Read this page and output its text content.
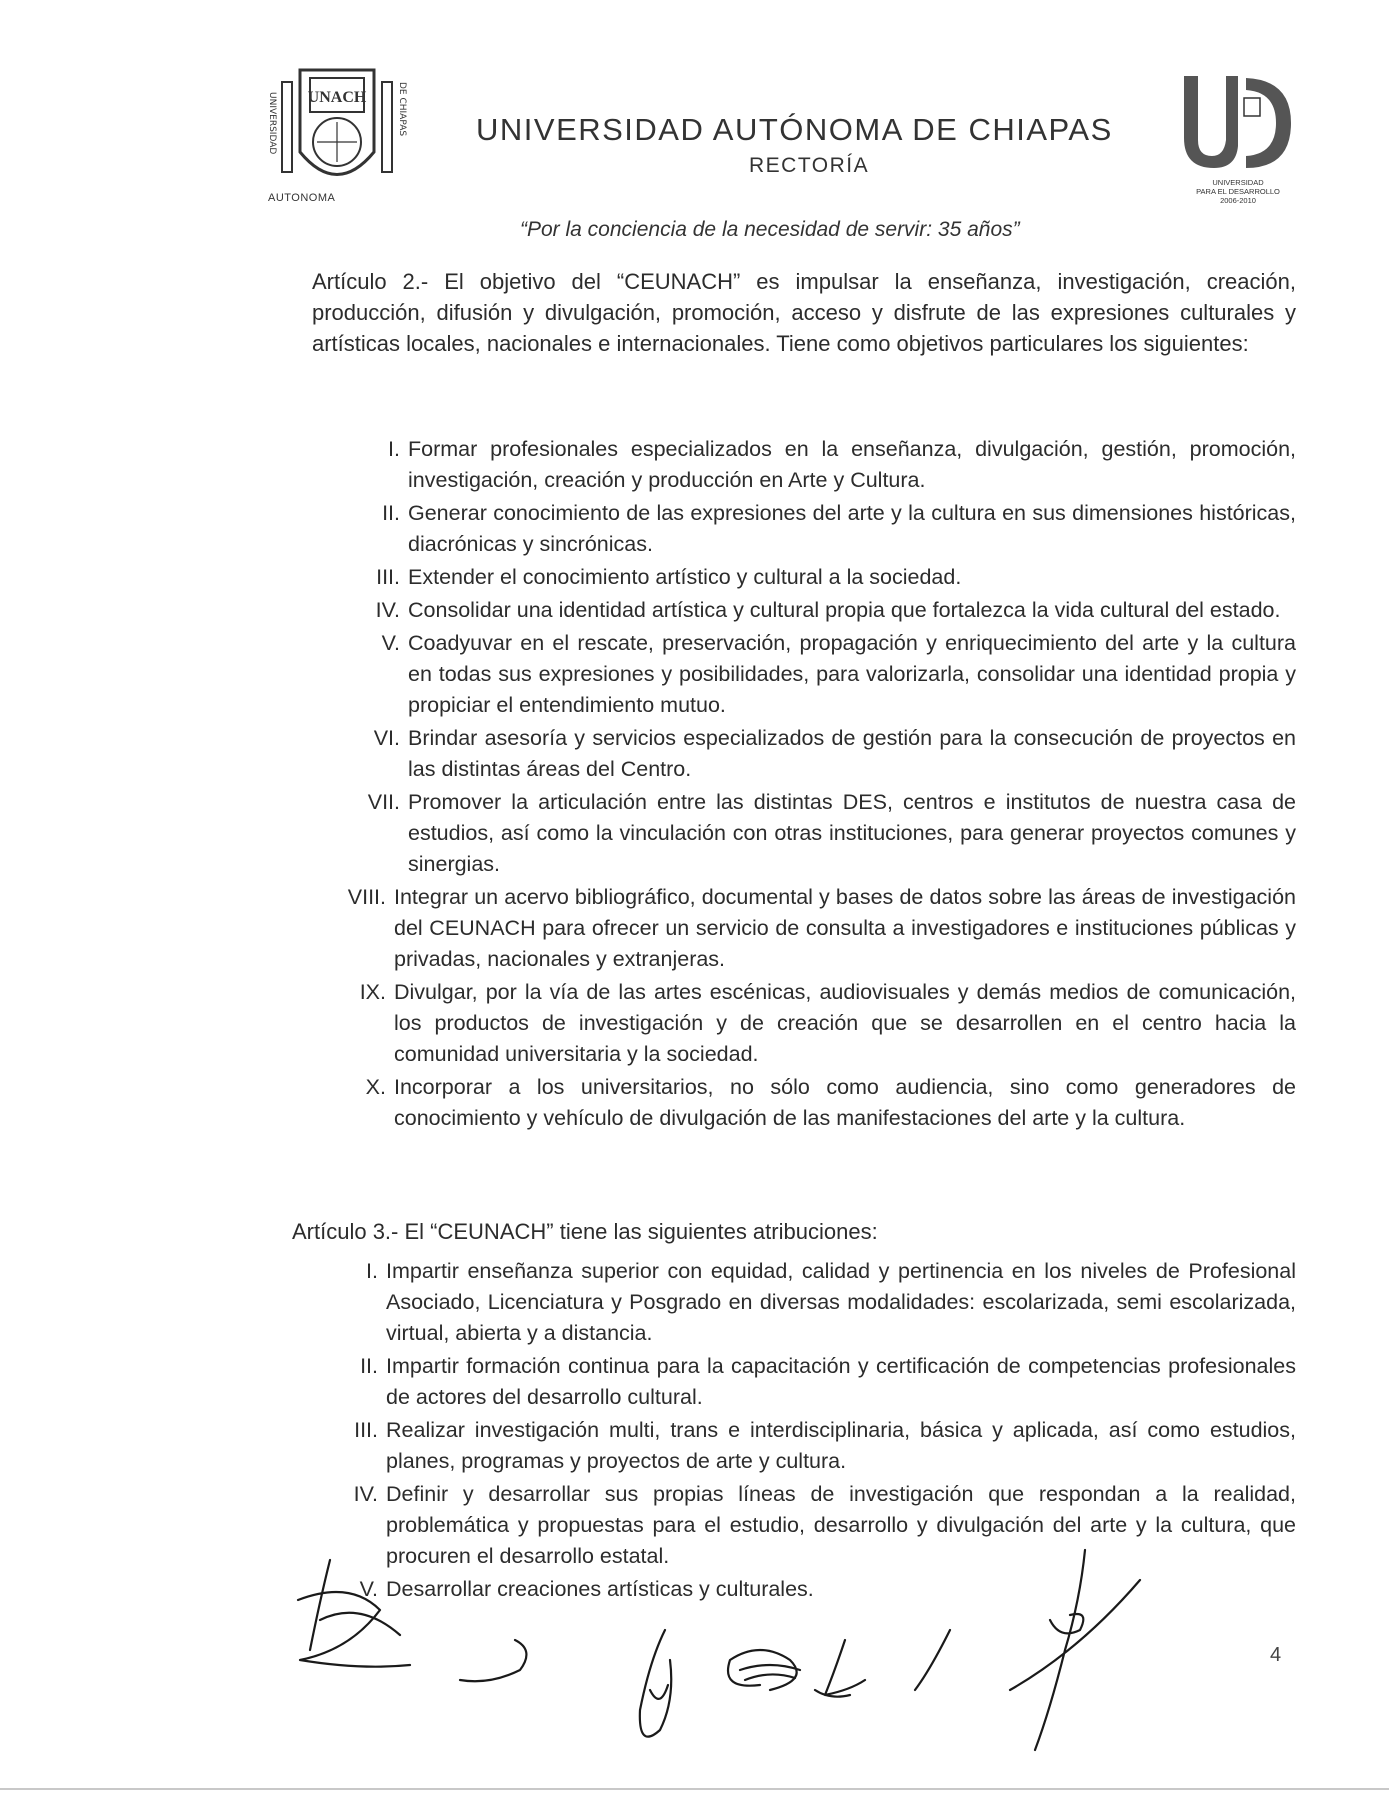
UNACH
UNIVERSIDAD	DE CHIAPAS
AUTONOMA
UNIVERSIDAD AUTÓNOMA DE CHIAPAS
RECTORÍA
“Por la conciencia de la necesidad de servir: 35 años”
UNIVERSIDAD
PARA EL DESARROLLO
2006-2010
Artículo 2.- El objetivo del “CEUNACH” es impulsar la enseñanza, investigación, creación, producción, difusión y divulgación, promoción, acceso y disfrute de las expresiones culturales y artísticas locales, nacionales e internacionales. Tiene como objetivos particulares los siguientes:
I. Formar profesionales especializados en la enseñanza, divulgación, gestión, promoción, investigación, creación y producción en Arte y Cultura.
II. Generar conocimiento de las expresiones del arte y la cultura en sus dimensiones históricas, diacrónicas y sincrónicas.
III. Extender el conocimiento artístico y cultural a la sociedad.
IV. Consolidar una identidad artística y cultural propia que fortalezca la vida cultural del estado.
V. Coadyuvar en el rescate, preservación, propagación y enriquecimiento del arte y la cultura en todas sus expresiones y posibilidades, para valorizarla, consolidar una identidad propia y propiciar el entendimiento mutuo.
VI. Brindar asesoría y servicios especializados de gestión para la consecución de proyectos en las distintas áreas del Centro.
VII. Promover la articulación entre las distintas DES, centros e institutos de nuestra casa de estudios, así como la vinculación con otras instituciones, para generar proyectos comunes y sinergias.
VIII. Integrar un acervo bibliográfico, documental y bases de datos sobre las áreas de investigación del CEUNACH para ofrecer un servicio de consulta a investigadores e instituciones públicas y privadas, nacionales y extranjeras.
IX. Divulgar, por la vía de las artes escénicas, audiovisuales y demás medios de comunicación, los productos de investigación y de creación que se desarrollen en el centro hacia la comunidad universitaria y la sociedad.
X. Incorporar a los universitarios, no sólo como audiencia, sino como generadores de conocimiento y vehículo de divulgación de las manifestaciones del arte y la cultura.
Artículo 3.- El “CEUNACH” tiene las siguientes atribuciones:
I. Impartir enseñanza superior con equidad, calidad y pertinencia en los niveles de Profesional Asociado, Licenciatura y Posgrado en diversas modalidades: escolarizada, semi escolarizada, virtual, abierta y a distancia.
II. Impartir formación continua para la capacitación y certificación de competencias profesionales de actores del desarrollo cultural.
III. Realizar investigación multi, trans e interdisciplinaria, básica y aplicada, así como estudios, planes, programas y proyectos de arte y cultura.
IV. Definir y desarrollar sus propias líneas de investigación que respondan a la realidad, problemática y propuestas para el estudio, desarrollo y divulgación del arte y la cultura, que procuren el desarrollo estatal.
V. Desarrollar creaciones artísticas y culturales.
4
